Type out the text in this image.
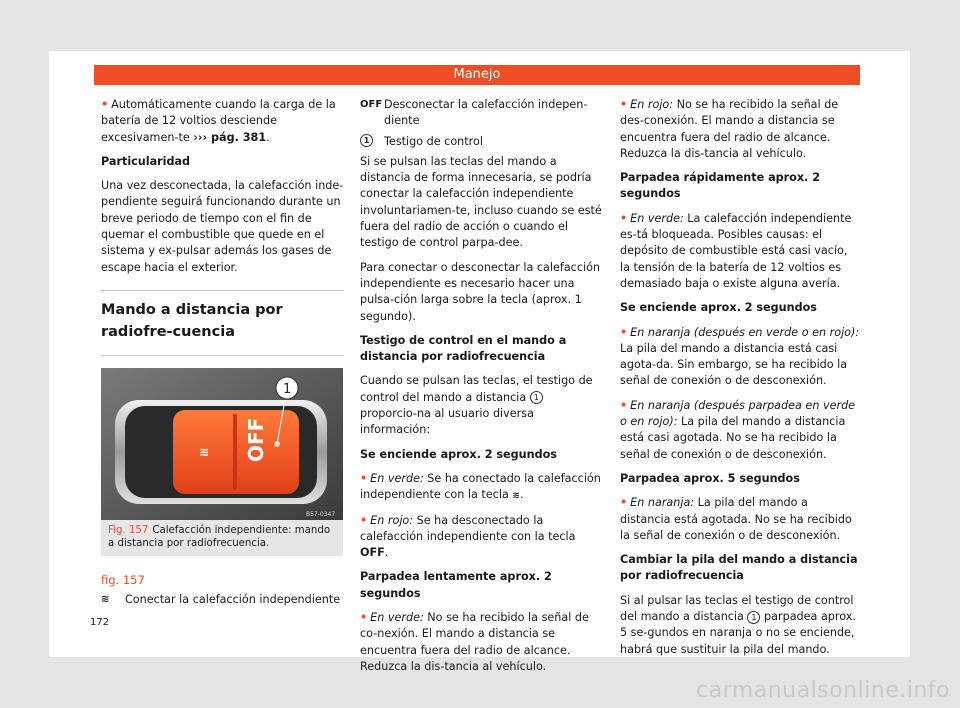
Manejo

• Automáticamente cuando la carga de la batería de 12 voltios desciende excesivamen-te ››› pág. 381.

Particularidad

Una vez desconectada, la calefacción inde-pendiente seguirá funcionando durante un breve periodo de tiempo con el fin de quemar el combustible que quede en el sistema y ex-pulsar además los gases de escape hacia el exterior.

Mando a distancia por radiofre-cuencia
OFF
≋
1
B57-0347
Fig. 157 Calefacción independiente: mando a distancia por radiofrecuencia.
fig. 157
≋	Conectar la calefacción independiente
OFF Desconectar la calefacción indepen-diente
1	Testigo de control

Si se pulsan las teclas del mando a distancia de forma innecesaria, se podría conectar la calefacción independiente involuntariamen-te, incluso cuando se esté fuera del radio de acción o cuando el testigo de control parpa-dee.

Para conectar o desconectar la calefacción independiente es necesario hacer una pulsa-ción larga sobre la tecla (aprox. 1 segundo).

Testigo de control en el mando a distancia por radiofrecuencia

Cuando se pulsan las teclas, el testigo de control del mando a distancia 1 proporcio-na al usuario diversa información:

Se enciende aprox. 2 segundos

• En verde: Se ha conectado la calefacción independiente con la tecla ≋.

• En rojo: Se ha desconectado la calefacción independiente con la tecla OFF.

Parpadea lentamente aprox. 2 segundos

• En verde: No se ha recibido la señal de co-nexión. El mando a distancia se encuentra fuera del radio de alcance. Reduzca la dis-tancia al vehículo.

• En rojo: No se ha recibido la señal de des-conexión. El mando a distancia se encuentra fuera del radio de alcance. Reduzca la dis-tancia al vehículo.

Parpadea rápidamente aprox. 2 segundos

• En verde: La calefacción independiente es-tá bloqueada. Posibles causas: el depósito de combustible está casi vacío, la tensión de la batería de 12 voltios es demasiado baja o existe alguna avería.

Se enciende aprox. 2 segundos

• En naranja (después en verde o en rojo): La pila del mando a distancia está casi agota-da. Sin embargo, se ha recibido la señal de conexión o de desconexión.

• En naranja (después parpadea en verde o en rojo): La pila del mando a distancia está casi agotada. No se ha recibido la señal de conexión o de desconexión.

Parpadea aprox. 5 segundos

• En naranja: La pila del mando a distancia está agotada. No se ha recibido la señal de conexión o de desconexión.

Cambiar la pila del mando a distancia por radiofrecuencia

Si al pulsar las teclas el testigo de control del mando a distancia 1 parpadea aprox. 5 se-gundos en naranja o no se enciende, habrá que sustituir la pila del mando.

172
carmanualsonline.info
